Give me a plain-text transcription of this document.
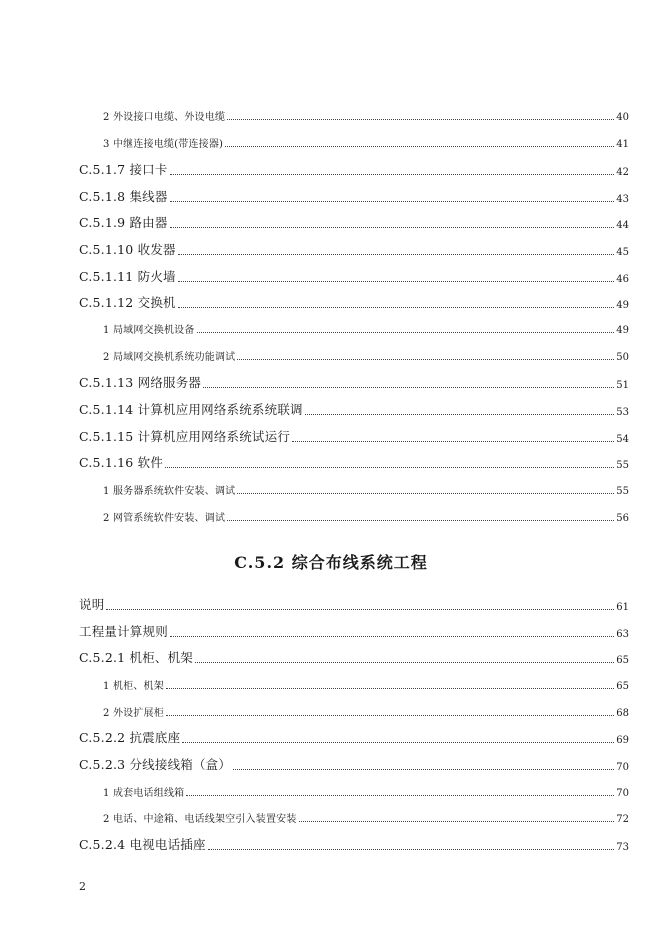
2 外设接口电缆、外设电缆	40
3 中继连接电缆(带连接器)	41
C.5.1.7 接口卡	42
C.5.1.8 集线器	43
C.5.1.9 路由器	44
C.5.1.10 收发器	45
C.5.1.11 防火墙	46
C.5.1.12 交换机	49
1 局域网交换机设备	49
2 局域网交换机系统功能调试	50
C.5.1.13 网络服务器	51
C.5.1.14 计算机应用网络系统系统联调	53
C.5.1.15 计算机应用网络系统试运行	54
C.5.1.16 软件	55
1 服务器系统软件安装、调试	55
2 网管系统软件安装、调试	56
C.5.2 综合布线系统工程
说明	61
工程量计算规则	63
C.5.2.1 机柜、机架	65
1 机柜、机架	65
2 外设扩展柜	68
C.5.2.2 抗震底座	69
C.5.2.3 分线接线箱（盒）	70
1 成套电话组线箱	70
2 电话、中途箱、电话线架空引入装置安装	72
C.5.2.4 电视电话插座	73
2
